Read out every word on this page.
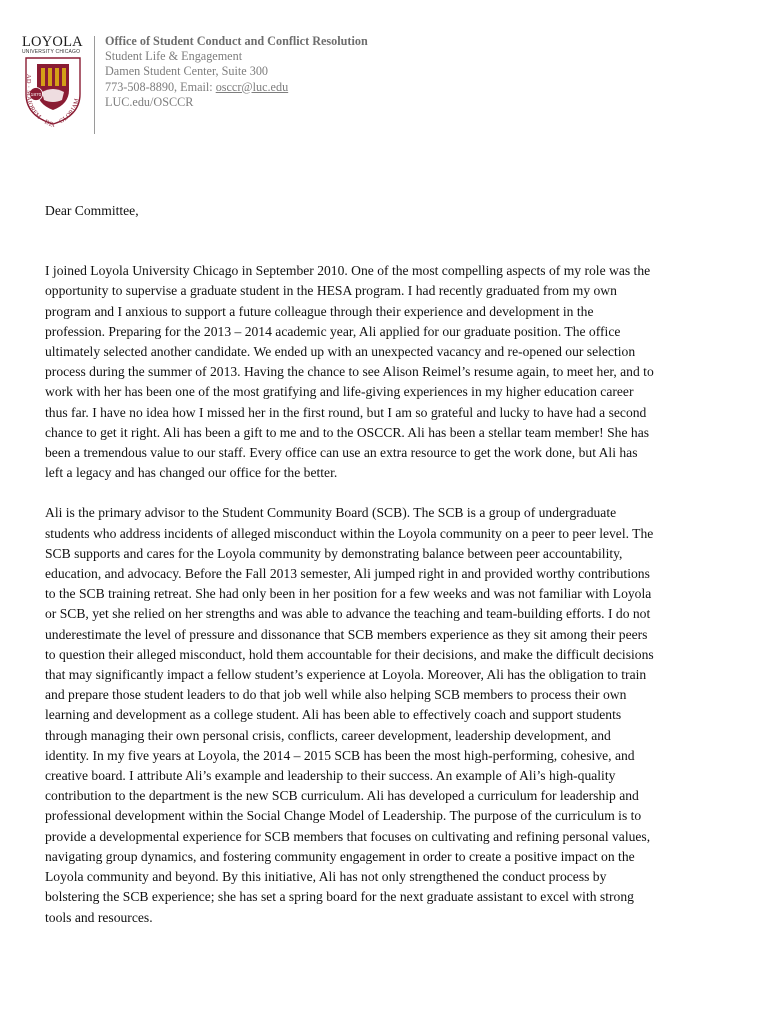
LOYOLA
UNIVERSITY CHICAGO
1870
AD · MAIOREM · DEI · GLORIAM
Office of Student Conduct and Conflict Resolution
Student Life & Engagement
Damen Student Center, Suite 300
773-508-8890, Email: osccr@luc.edu
LUC.edu/OSCCR

Dear Committee,

I joined Loyola University Chicago in September 2010. One of the most compelling aspects of my role was the
opportunity to supervise a graduate student in the HESA program. I had recently graduated from my own
program and I anxious to support a future colleague through their experience and development in the
profession. Preparing for the 2013 – 2014 academic year, Ali applied for our graduate position. The office
ultimately selected another candidate. We ended up with an unexpected vacancy and re-opened our selection
process during the summer of 2013. Having the chance to see Alison Reimel’s resume again, to meet her, and to
work with her has been one of the most gratifying and life-giving experiences in my higher education career
thus far. I have no idea how I missed her in the first round, but I am so grateful and lucky to have had a second
chance to get it right. Ali has been a gift to me and to the OSCCR. Ali has been a stellar team member! She has
been a tremendous value to our staff. Every office can use an extra resource to get the work done, but Ali has
left a legacy and has changed our office for the better.

Ali is the primary advisor to the Student Community Board (SCB). The SCB is a group of undergraduate
students who address incidents of alleged misconduct within the Loyola community on a peer to peer level. The
SCB supports and cares for the Loyola community by demonstrating balance between peer accountability,
education, and advocacy. Before the Fall 2013 semester, Ali jumped right in and provided worthy contributions
to the SCB training retreat. She had only been in her position for a few weeks and was not familiar with Loyola
or SCB, yet she relied on her strengths and was able to advance the teaching and team-building efforts. I do not
underestimate the level of pressure and dissonance that SCB members experience as they sit among their peers
to question their alleged misconduct, hold them accountable for their decisions, and make the difficult decisions
that may significantly impact a fellow student’s experience at Loyola. Moreover, Ali has the obligation to train
and prepare those student leaders to do that job well while also helping SCB members to process their own
learning and development as a college student. Ali has been able to effectively coach and support students
through managing their own personal crisis, conflicts, career development, leadership development, and
identity. In my five years at Loyola, the 2014 – 2015 SCB has been the most high-performing, cohesive, and
creative board. I attribute Ali’s example and leadership to their success. An example of Ali’s high-quality
contribution to the department is the new SCB curriculum. Ali has developed a curriculum for leadership and
professional development within the Social Change Model of Leadership. The purpose of the curriculum is to
provide a developmental experience for SCB members that focuses on cultivating and refining personal values,
navigating group dynamics, and fostering community engagement in order to create a positive impact on the
Loyola community and beyond. By this initiative, Ali has not only strengthened the conduct process by
bolstering the SCB experience; she has set a spring board for the next graduate assistant to excel with strong
tools and resources.
